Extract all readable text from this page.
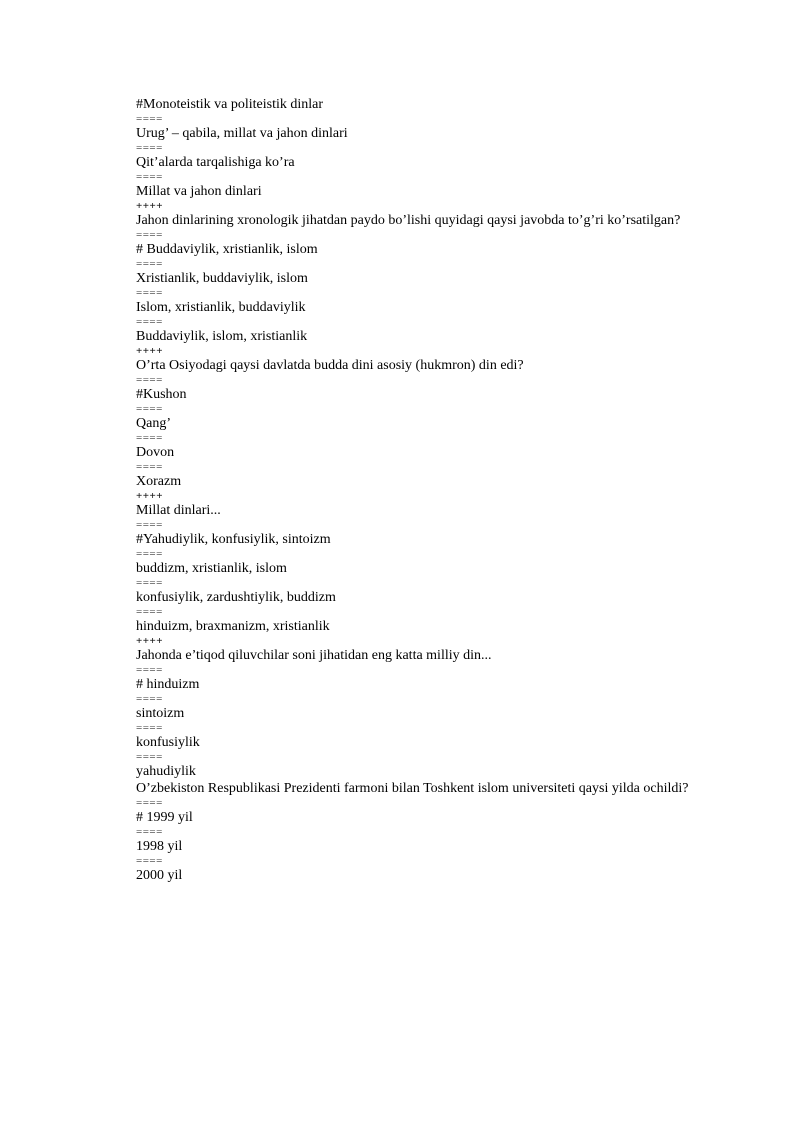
#Monoteistik va politeistik dinlar
====
Urug’ – qabila, millat va jahon dinlari
====
Qit’alarda tarqalishiga ko’ra
====
Millat va jahon dinlari
++++
Jahon dinlarining xronologik jihatdan paydo bo’lishi quyidagi qaysi javobda to’g’ri ko’rsatilgan?
====
# Buddaviylik, xristianlik, islom
====
Xristianlik, buddaviylik, islom
====
Islom, xristianlik, buddaviylik
====
Buddaviylik, islom, xristianlik
++++
O’rta Osiyodagi qaysi davlatda budda dini asosiy (hukmron) din edi?
====
#Kushon
====
Qang’
====
Dovon
====
Xorazm
++++
Millat dinlari...
====
#Yahudiylik, konfusiylik, sintoizm
====
buddizm, xristianlik, islom
====
konfusiylik, zardushtiylik, buddizm
====
hinduizm, braxmanizm, xristianlik
++++
Jahonda e’tiqod qiluvchilar soni jihatidan eng katta milliy din...
====
# hinduizm
====
sintoizm
====
konfusiylik
====
yahudiylik
O’zbekiston Respublikasi Prezidenti farmoni bilan Toshkent islom universiteti qaysi yilda ochildi?
====
# 1999 yil
====
1998 yil
====
2000 yil
